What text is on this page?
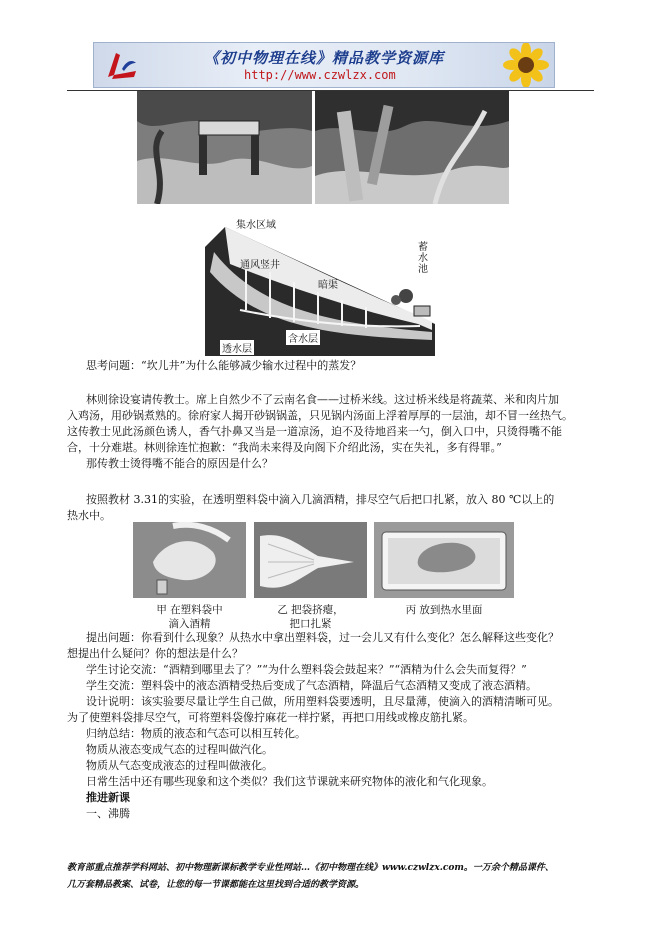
《初中物理在线》精品教学资源库
http://www.czwlzx.com
集水区域
通风竖井
暗渠
蓄水池
含水层
透水层

思考问题：“坎儿井”为什么能够减少输水过程中的蒸发？

林则徐设宴请传教士。席上自然少不了云南名食——过桥米线。这过桥米线是将蔬菜、米和肉片加

入鸡汤，用砂锅煮熟的。徐府家人揭开砂锅锅盖，只见锅内汤面上浮着厚厚的一层油，却不冒一丝热气。

这传教士见此汤颜色诱人，香气扑鼻又当是一道凉汤，迫不及待地舀来一勺，倒入口中，只烫得嘴不能

合，十分难堪。林则徐连忙抱歉：“我尚未来得及向阁下介绍此汤，实在失礼，多有得罪。”

那传教士烫得嘴不能合的原因是什么？

按照教材 3.31的实验，在透明塑料袋中滴入几滴酒精，排尽空气后把口扎紧，放入 80 ℃以上的

热水中。

甲 在塑料袋中
滴入酒精
乙 把袋挤瘪，
把口扎紧
丙 放到热水里面

提出问题：你看到什么现象？从热水中拿出塑料袋，过一会儿又有什么变化？怎么解释这些变化？

想提出什么疑问？你的想法是什么？

学生讨论交流：“酒精到哪里去了？”“为什么塑料袋会鼓起来？”“酒精为什么会失而复得？”

学生交流：塑料袋中的液态酒精受热后变成了气态酒精，降温后气态酒精又变成了液态酒精。

设计说明：该实验要尽量让学生自己做，所用塑料袋要透明，且尽量薄，使滴入的酒精清晰可见。

为了使塑料袋排尽空气，可将塑料袋像拧麻花一样拧紧，再把口用线或橡皮筋扎紧。

归纳总结：物质的液态和气态可以相互转化。

物质从液态变成气态的过程叫做汽化。

物质从气态变成液态的过程叫做液化。

日常生活中还有哪些现象和这个类似？我们这节课就来研究物体的液化和气化现象。

推进新课

一、沸腾

教育部重点推荐学科网站、初中物理新课标教学专业性网站…《初中物理在线》www.czwlzx.com。一万余个精品课件、
几万套精品教案、试卷，让您的每一节课都能在这里找到合适的教学资源。
